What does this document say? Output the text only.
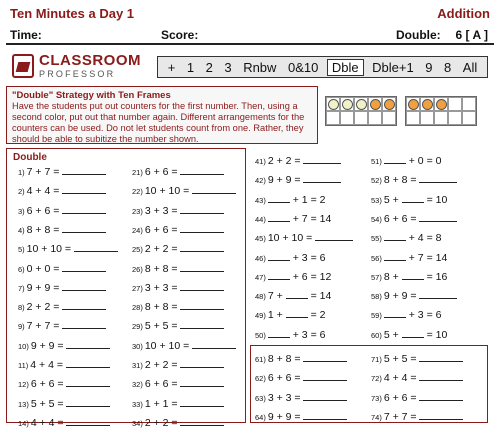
Ten Minutes a Day 1	Addition
Time:	Score:	Double: 6 [ A ]
CLASSROOM
PROFESSOR	+ 1 2 3 Rnbw 0&10	Dble	Dble+1 9 8 All
"Double" Strategy with Ten Frames
Have the students put out counters for the first number. Then, using a second color, put out that number again. Different arrangements for the counters can be used. Do not let students count from one. Rather, they should be able to subitize the number shown.
Double
1) 7 + 7 =
2) 4 + 4 =
3) 6 + 6 =
4) 8 + 8 =
5) 10 + 10 =
6) 0 + 0 =
7) 9 + 9 =
8) 2 + 2 =
9) 7 + 7 =
10) 9 + 9 =
11) 4 + 4 =
12) 6 + 6 =
13) 5 + 5 =
14) 4 + 4 =
21) 6 + 6 =
22) 10 + 10 =
23) 3 + 3 =
24) 6 + 6 =
25) 2 + 2 =
26) 8 + 8 =
27) 3 + 3 =
28) 8 + 8 =
29) 5 + 5 =
30) 10 + 10 =
31) 2 + 2 =
32) 6 + 6 =
33) 1 + 1 =
34) 2 + 2 =
41) 2 + 2 =
42) 9 + 9 =
43) + 1 = 2
44) + 7 = 14
45) 10 + 10 =
46) + 3 = 6
47) + 6 = 12
48) 7 +  = 14
49) 1 +  = 2
50) + 3 = 6
51) + 0 = 0
52) 8 + 8 =
53) 5 +  = 10
54) 6 + 6 =
55) + 4 = 8
56) + 7 = 14
57) 8 +  = 16
58) 9 + 9 =
59) + 3 = 6
60) 5 +  = 10
61) 8 + 8 =
62) 6 + 6 =
63) 3 + 3 =
64) 9 + 9 =
71) 5 + 5 =
72) 4 + 4 =
73) 6 + 6 =
74) 7 + 7 =
